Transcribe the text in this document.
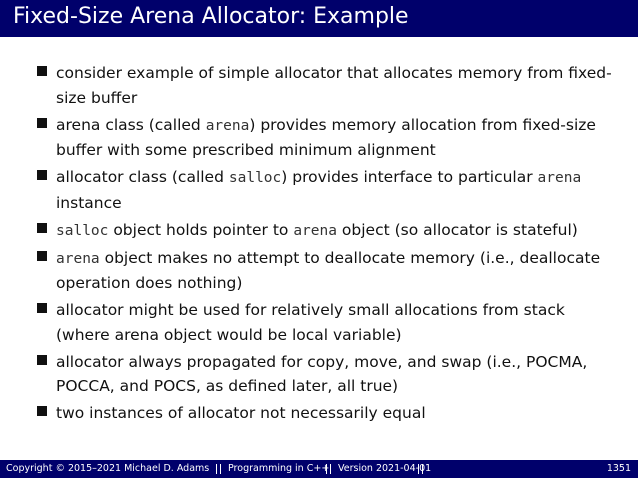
Fixed-Size Arena Allocator: Example
consider example of simple allocator that allocates memory from fixed-size buffer
arena class (called arena) provides memory allocation from fixed-size buffer with some prescribed minimum alignment
allocator class (called salloc) provides interface to particular arena instance
salloc object holds pointer to arena object (so allocator is stateful)
arena object makes no attempt to deallocate memory (i.e., deallocate operation does nothing)
allocator might be used for relatively small allocations from stack (where arena object would be local variable)
allocator always propagated for copy, move, and swap (i.e., POCMA, POCCA, and POCS, as defined later, all true)
two instances of allocator not necessarily equal
Copyright © 2015–2021 Michael D. Adams Programming in C++ Version 2021-04-01	1351
